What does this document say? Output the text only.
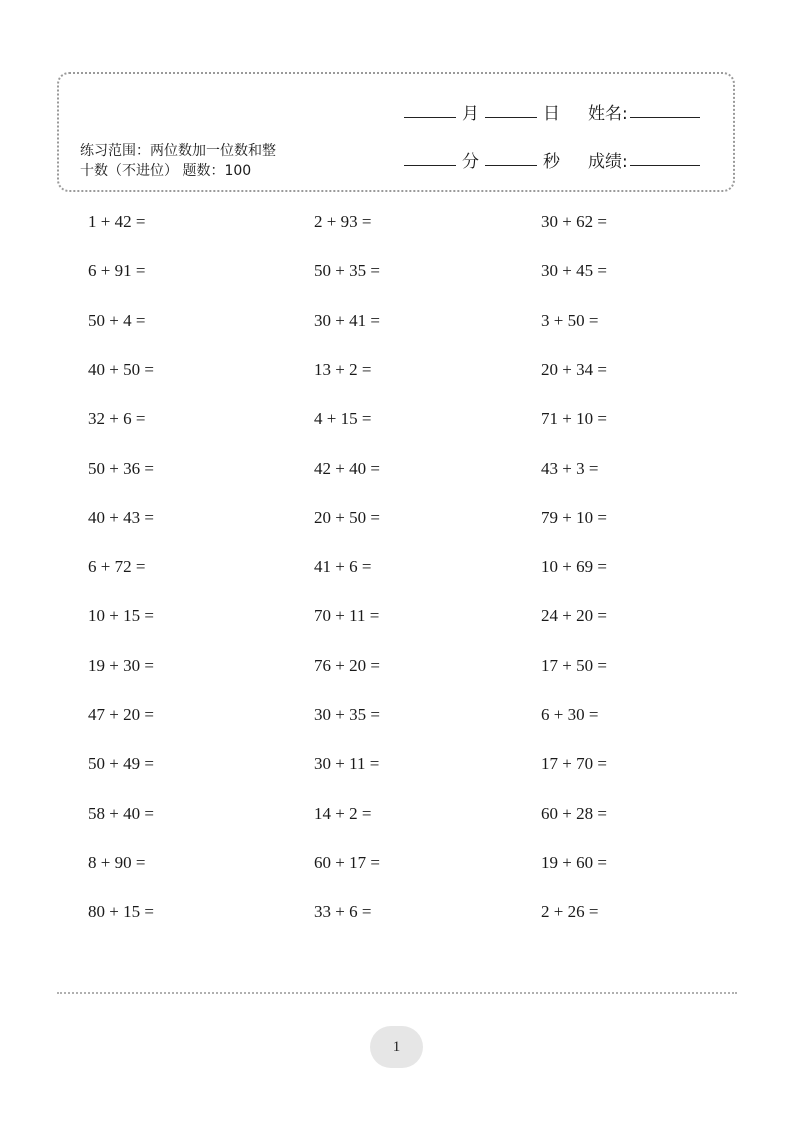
月	日 姓名:
分	秒 成绩:
练习范围：两位数加一位数和整
十数（不进位） 题数：100
1 + 42 =	2 + 93 =	30 + 62 =
6 + 91 =	50 + 35 =	30 + 45 =
50 + 4 =	30 + 41 =	3 + 50 =
40 + 50 =	13 + 2 =	20 + 34 =
32 + 6 =	4 + 15 =	71 + 10 =
50 + 36 =	42 + 40 =	43 + 3 =
40 + 43 =	20 + 50 =	79 + 10 =
6 + 72 =	41 + 6 =	10 + 69 =
10 + 15 =	70 + 11 =	24 + 20 =
19 + 30 =	76 + 20 =	17 + 50 =
47 + 20 =	30 + 35 =	6 + 30 =
50 + 49 =	30 + 11 =	17 + 70 =
58 + 40 =	14 + 2 =	60 + 28 =
8 + 90 =	60 + 17 =	19 + 60 =
80 + 15 =	33 + 6 =	2 + 26 =
1
